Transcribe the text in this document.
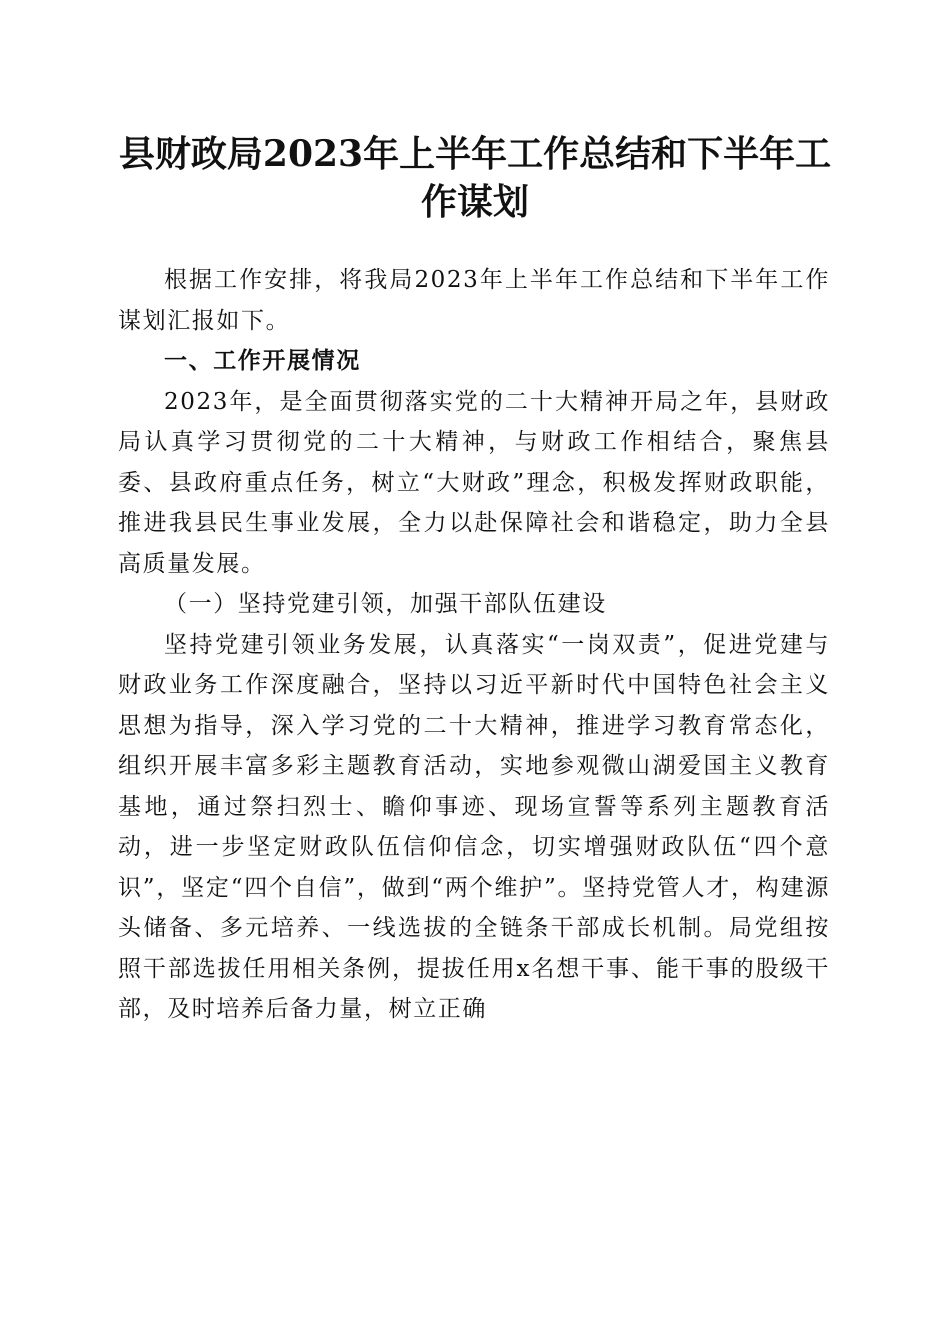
县财政局2023年上半年工作总结和下半年工作谋划

根据工作安排，将我局2023年上半年工作总结和下半年工作谋划汇报如下。

一、工作开展情况

2023年，是全面贯彻落实党的二十大精神开局之年，县财政局认真学习贯彻党的二十大精神，与财政工作相结合，聚焦县委、县政府重点任务，树立“大财政”理念，积极发挥财政职能，推进我县民生事业发展，全力以赴保障社会和谐稳定，助力全县高质量发展。

（一）坚持党建引领，加强干部队伍建设

坚持党建引领业务发展，认真落实“一岗双责”，促进党建与财政业务工作深度融合，坚持以习近平新时代中国特色社会主义思想为指导，深入学习党的二十大精神，推进学习教育常态化，组织开展丰富多彩主题教育活动，实地参观微山湖爱国主义教育基地，通过祭扫烈士、瞻仰事迹、现场宣誓等系列主题教育活动，进一步坚定财政队伍信仰信念，切实增强财政队伍“四个意识”，坚定“四个自信”，做到“两个维护”。坚持党管人才，构建源头储备、多元培养、一线选拔的全链条干部成长机制。局党组按照干部选拔任用相关条例，提拔任用x名想干事、能干事的股级干部，及时培养后备力量，树立正确
